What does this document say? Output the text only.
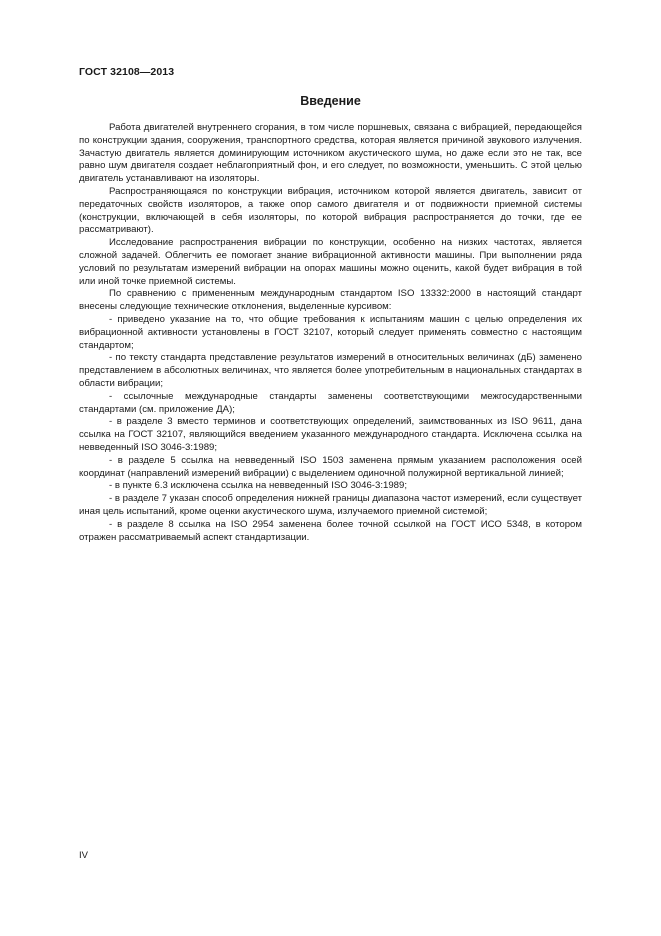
ГОСТ 32108—2013
Введение

Работа двигателей внутреннего сгорания, в том числе поршневых, связана с вибрацией, передающейся по конструкции здания, сооружения, транспортного средства, которая является причиной звукового излучения. Зачастую двигатель является доминирующим источником акустического шума, но даже если это не так, все равно шум двигателя создает неблагоприятный фон, и его следует, по возможности, уменьшить. С этой целью двигатель устанавливают на изоляторы.

Распространяющаяся по конструкции вибрация, источником которой является двигатель, зависит от передаточных свойств изоляторов, а также опор самого двигателя и от подвижности приемной системы (конструкции, включающей в себя изоляторы, по которой вибрация распространяется до точки, где ее рассматривают).

Исследование распространения вибрации по конструкции, особенно на низких частотах, является сложной задачей. Облегчить ее помогает знание вибрационной активности машины. При выполнении ряда условий по результатам измерений вибрации на опорах машины можно оценить, какой будет вибрация в той или иной точке приемной системы.

По сравнению с примененным международным стандартом ISO 13332:2000 в настоящий стандарт внесены следующие технические отклонения, выделенные курсивом:

- приведено указание на то, что общие требования к испытаниям машин с целью определения их вибрационной активности установлены в ГОСТ 32107, который следует применять совместно с настоящим стандартом;

- по тексту стандарта представление результатов измерений в относительных величинах (дБ) заменено представлением в абсолютных величинах, что является более употребительным в национальных стандартах в области вибрации;

- ссылочные международные стандарты заменены соответствующими межгосударственными стандартами (см. приложение ДА);

- в разделе 3 вместо терминов и соответствующих определений, заимствованных из ISO 9611, дана ссылка на ГОСТ 32107, являющийся введением указанного международного стандарта. Исключена ссылка на невведенный ISO 3046-3:1989;

- в разделе 5 ссылка на невведенный ISO 1503 заменена прямым указанием расположения осей координат (направлений измерений вибрации) с выделением одиночной полужирной вертикальной линией;

- в пункте 6.3 исключена ссылка на невведенный ISO 3046-3:1989;

- в разделе 7 указан способ определения нижней границы диапазона частот измерений, если существует иная цель испытаний, кроме оценки акустического шума, излучаемого приемной системой;

- в разделе 8 ссылка на ISO 2954 заменена более точной ссылкой на ГОСТ ИСО 5348, в котором отражен рассматриваемый аспект стандартизации.

IV
